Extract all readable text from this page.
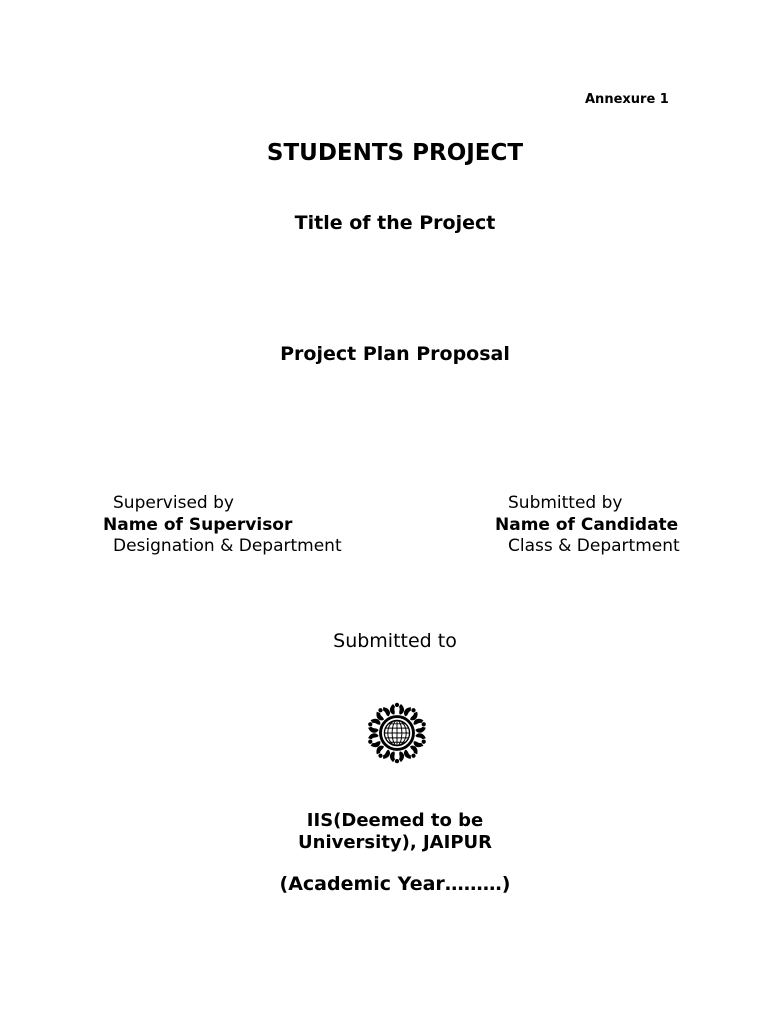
Annexure 1
STUDENTS PROJECT
Title of the Project
Project Plan Proposal
Supervised by
Name of Supervisor
Designation & Department
Submitted by
Name of Candidate
Class & Department
Submitted to
IIS(Deemed to be
University), JAIPUR
(Academic Year………)
